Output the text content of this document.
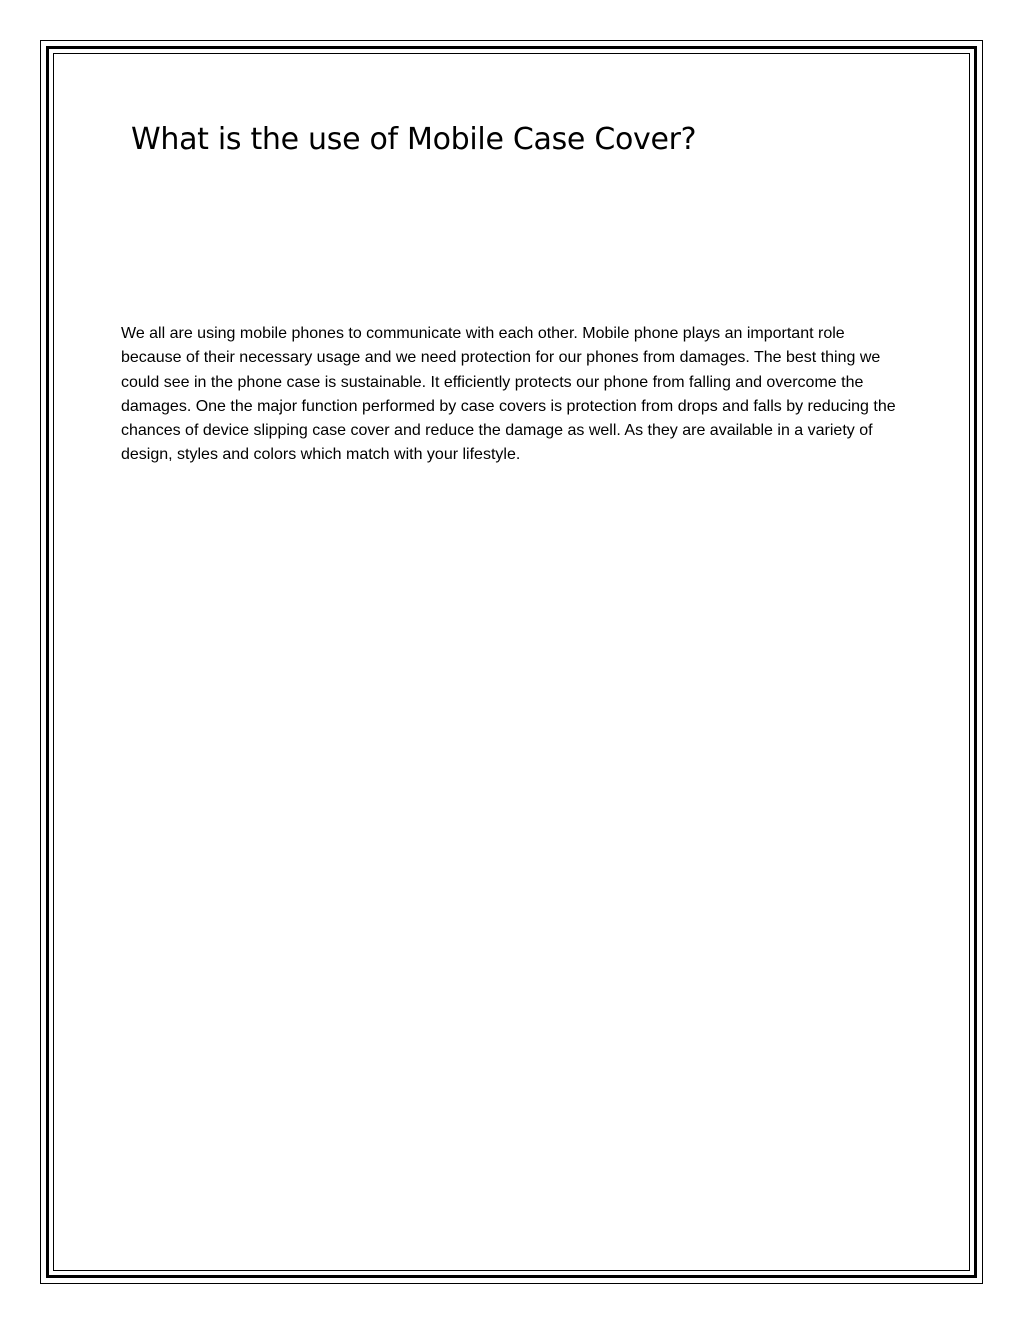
What is the use of Mobile Case Cover?

We all are using mobile phones to communicate with each other. Mobile phone plays an important role because of their necessary usage and we need protection for our phones from damages. The best thing we could see in the phone case is sustainable. It efficiently protects our phone from falling and overcome the damages. One the major function performed by case covers is protection from drops and falls by reducing the chances of device slipping case cover and reduce the damage as well. As they are available in a variety of design, styles and colors which match with your lifestyle.
